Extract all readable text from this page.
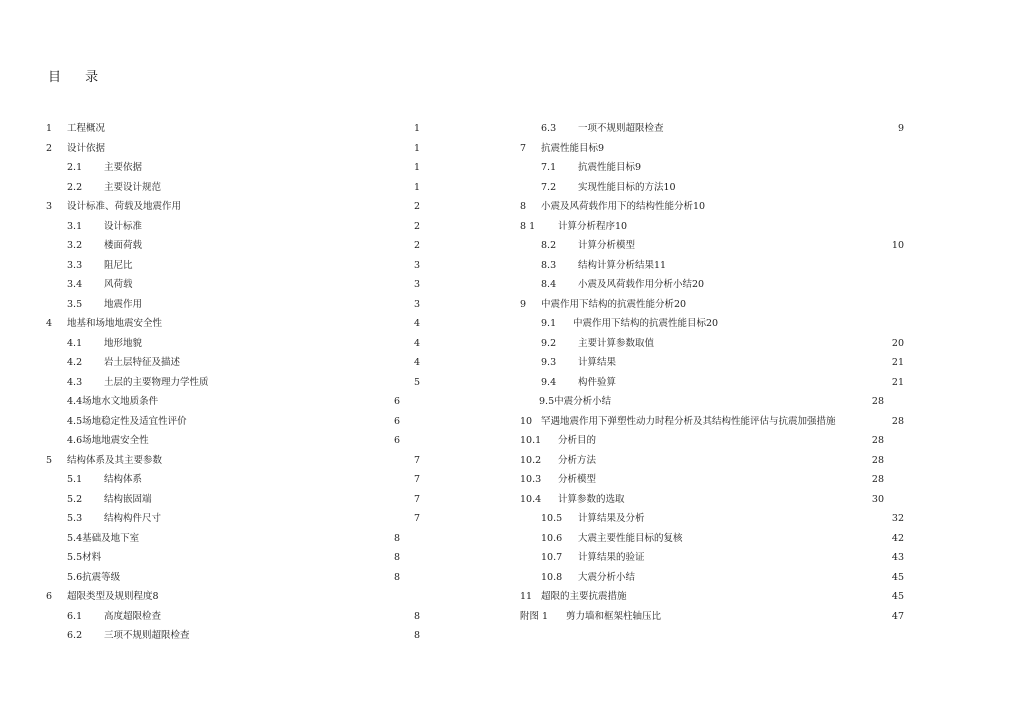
目 录
1 工程概况	1
2 设计依据	1
2.1 主要依据	1
2.2 主要设计规范	1
3 设计标准、荷载及地震作用	2
3.1 设计标准	2
3.2 楼面荷载	2
3.3 阻尼比	3
3.4 风荷载	3
3.5 地震作用	3
4 地基和场地地震安全性	4
4.1 地形地貌	4
4.2 岩土层特征及描述	4
4.3 土层的主要物理力学性质	5
4.4场地水文地质条件	6
4.5场地稳定性及适宜性评价	6
4.6场地地震安全性	6
5 结构体系及其主要参数	7
5.1 结构体系	7
5.2 结构嵌固端	7
5.3 结构构件尺寸	7
5.4基础及地下室	8
5.5材料	8
5.6抗震等级	8
6 超限类型及规则程度8
6.1 高度超限检查	8
6.2 三项不规则超限检查	8
6.3 一项不规则超限检查	9
7 抗震性能目标9
7.1 抗震性能目标9
7.2 实现性能目标的方法10
8 小震及风荷载作用下的结构性能分析10
8 1 计算分析程序10
8.2 计算分析模型	10
8.3 结构计算分析结果11
8.4 小震及风荷载作用分析小结20
9 中震作用下结构的抗震性能分析20
9.1 中震作用下结构的抗震性能目标20
9.2 主要计算参数取值	20
9.3 计算结果	21
9.4 构件验算	21
9.5中震分析小结	28
10 罕遇地震作用下弹塑性动力时程分析及其结构性能评估与抗震加强措施	28
10.1 分析目的	28
10.2 分析方法	28
10.3 分析模型	28
10.4 计算参数的选取	30
10.5 计算结果及分析	32
10.6 大震主要性能目标的复核	42
10.7 计算结果的验证	43
10.8 大震分析小结	45
11 超限的主要抗震措施	45
附图 1 剪力墙和框架柱轴压比	47
